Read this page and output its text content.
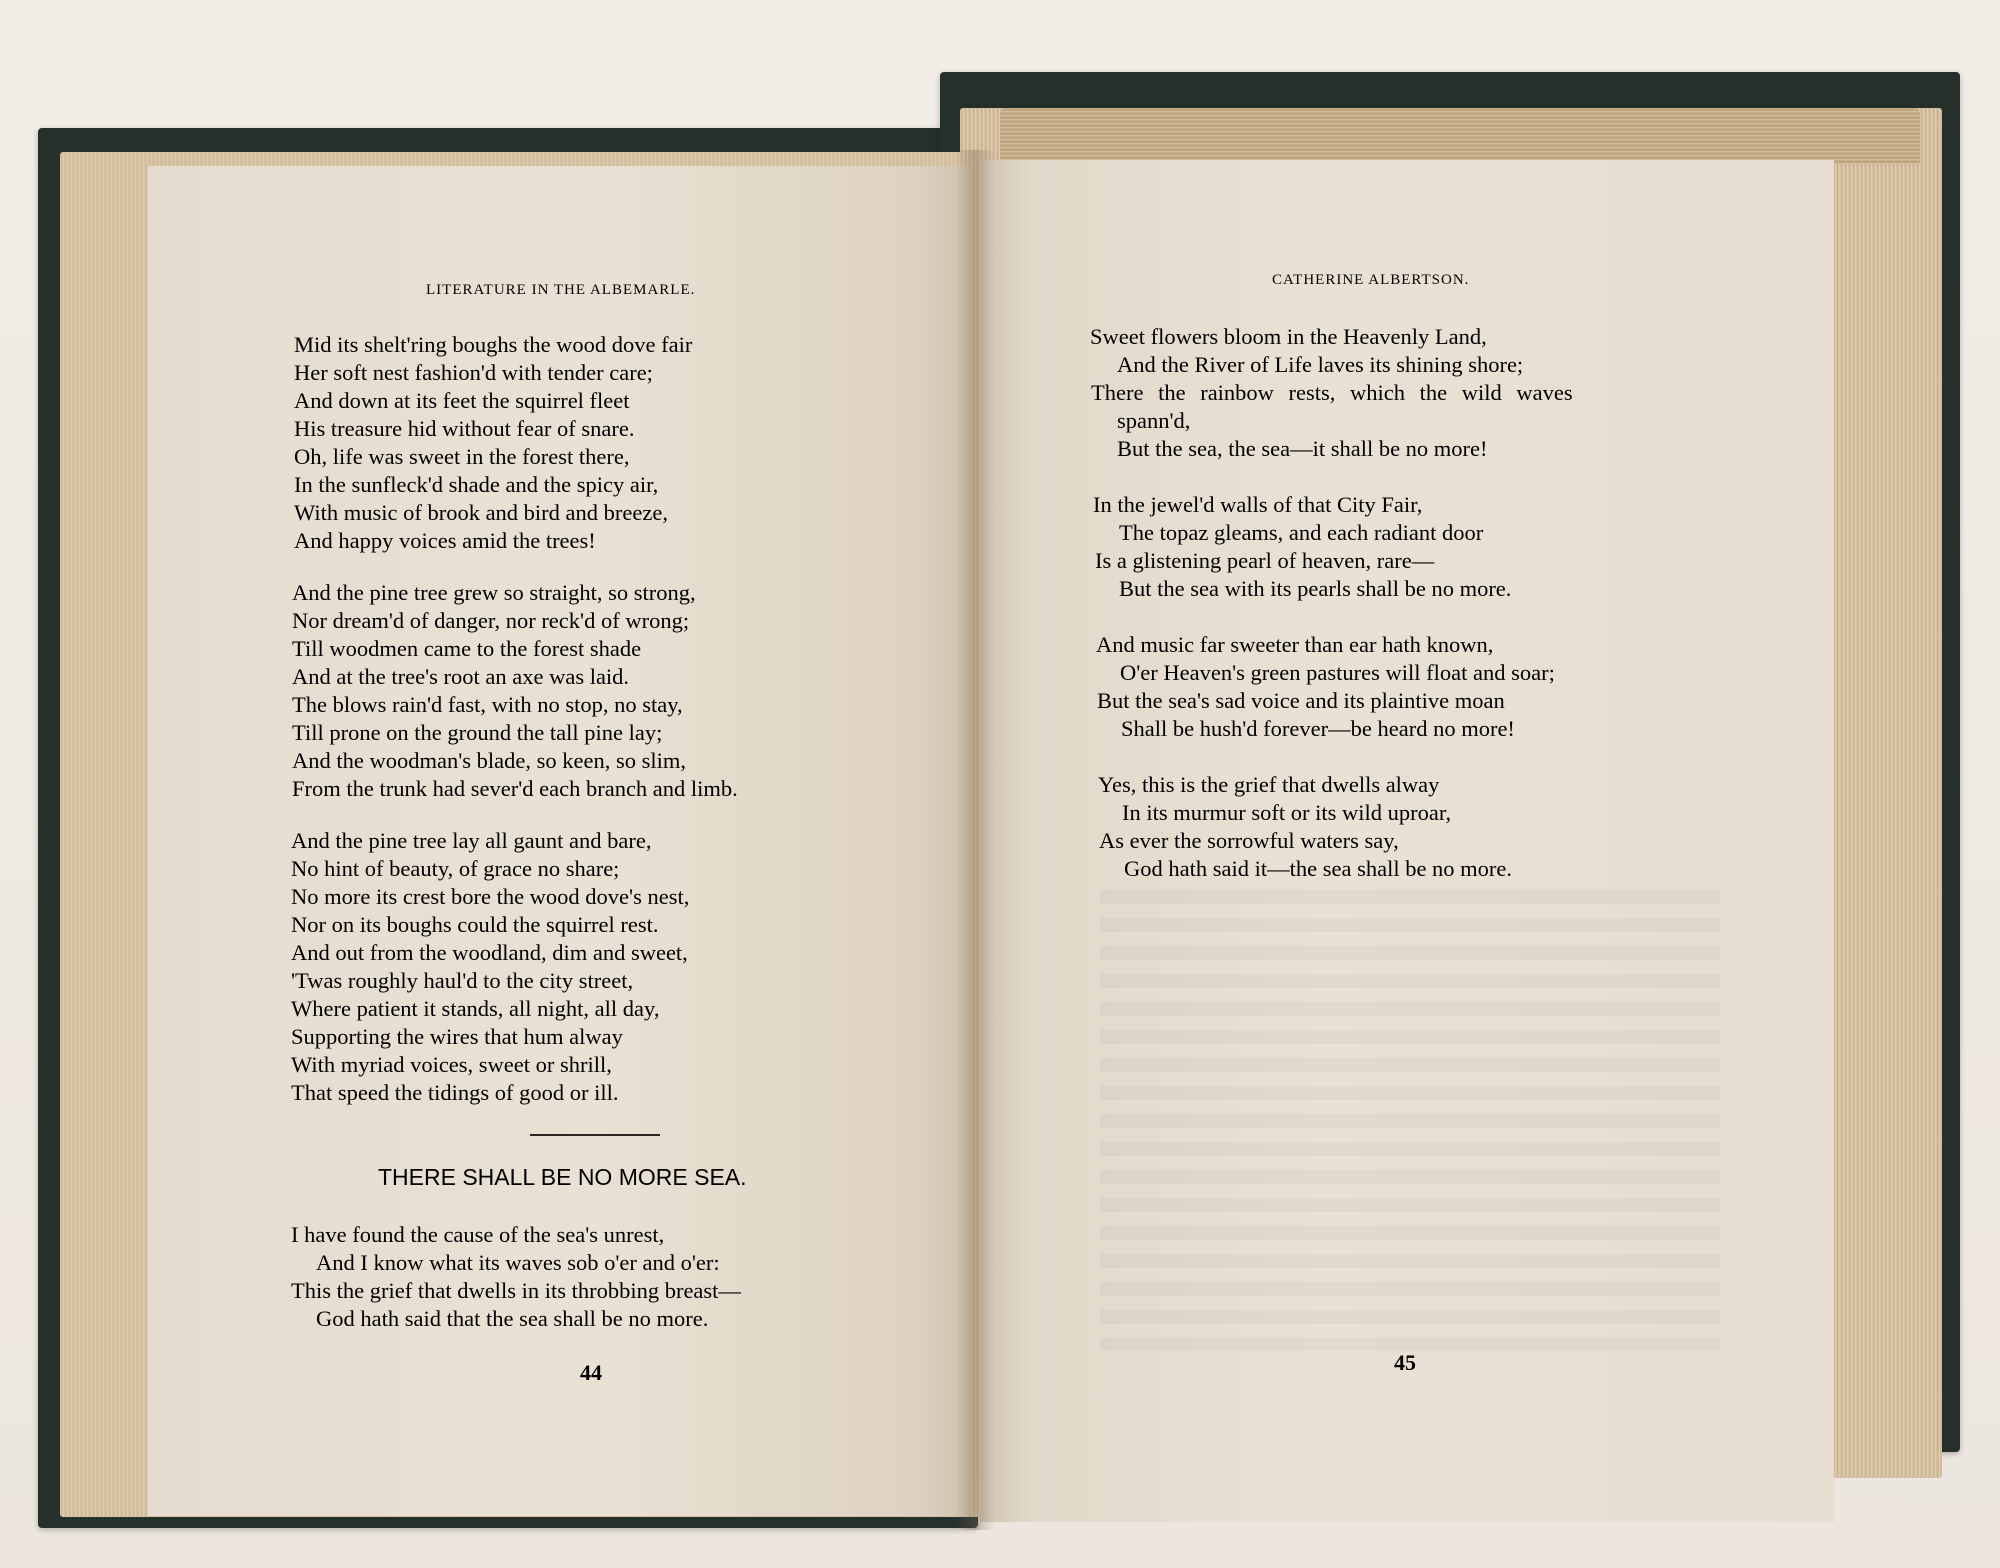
LITERATURE IN THE ALBEMARLE.
Mid its shelt'ring boughs the wood dove fair
Her soft nest fashion'd with tender care;
And down at its feet the squirrel fleet
His treasure hid without fear of snare.
Oh, life was sweet in the forest there,
In the sunfleck'd shade and the spicy air,
With music of brook and bird and breeze,
And happy voices amid the trees!
And the pine tree grew so straight, so strong,
Nor dream'd of danger, nor reck'd of wrong;
Till woodmen came to the forest shade
And at the tree's root an axe was laid.
The blows rain'd fast, with no stop, no stay,
Till prone on the ground the tall pine lay;
And the woodman's blade, so keen, so slim,
From the trunk had sever'd each branch and limb.
And the pine tree lay all gaunt and bare,
No hint of beauty, of grace no share;
No more its crest bore the wood dove's nest,
Nor on its boughs could the squirrel rest.
And out from the woodland, dim and sweet,
'Twas roughly haul'd to the city street,
Where patient it stands, all night, all day,
Supporting the wires that hum alway
With myriad voices, sweet or shrill,
That speed the tidings of good or ill.
THERE SHALL BE NO MORE SEA.
I have found the cause of the sea's unrest,
And I know what its waves sob o'er and o'er:
This the grief that dwells in its throbbing breast—
God hath said that the sea shall be no more.
44
CATHERINE ALBERTSON.
Sweet flowers bloom in the Heavenly Land,
And the River of Life laves its shining shore;
There the rainbow rests, which the wild waves
spann'd,
But the sea, the sea—it shall be no more!
In the jewel'd walls of that City Fair,
The topaz gleams, and each radiant door
Is a glistening pearl of heaven, rare—
But the sea with its pearls shall be no more.
And music far sweeter than ear hath known,
O'er Heaven's green pastures will float and soar;
But the sea's sad voice and its plaintive moan
Shall be hush'd forever—be heard no more!
Yes, this is the grief that dwells alway
In its murmur soft or its wild uproar,
As ever the sorrowful waters say,
God hath said it—the sea shall be no more.
45
